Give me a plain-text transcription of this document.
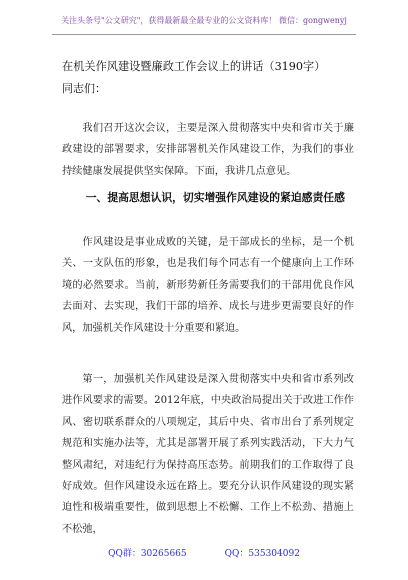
关注头条号"公文研究"，获得最新最全最专业的公文资料库！ 微信：gongwenyj
在机关作风建设暨廉政工作会议上的讲话（3190字）
同志们：
我们召开这次会议，主要是深入贯彻落实中央和省市关于廉政建设的部署要求，安排部署机关作风建设工作，为我们的事业持续健康发展提供坚实保障。下面，我讲几点意见。
一、提高思想认识，切实增强作风建设的紧迫感责任感
作风建设是事业成败的关键，是干部成长的坐标，是一个机关、一支队伍的形象，也是我们每个同志有一个健康向上工作环境的必然要求。当前，新形势新任务需要我们的干部用优良作风去面对、去实现，我们干部的培养、成长与进步更需要良好的作风，加强机关作风建设十分重要和紧迫。
第一，加强机关作风建设是深入贯彻落实中央和省市系列改进作风要求的需要。2012年底，中央政治局提出关于改进工作作风、密切联系群众的八项规定，其后中央、省市出台了系列规定规范和实施办法等，尤其是部署开展了系列实践活动，下大力气整风肃纪，对违纪行为保持高压态势。前期我们的工作取得了良好成效。但作风建设永远在路上。要充分认识作风建设的现实紧迫性和极端重要性，做到思想上不松懈、工作上不松劲、措施上不松弛，
QQ群：30265665	QQ：535304092
